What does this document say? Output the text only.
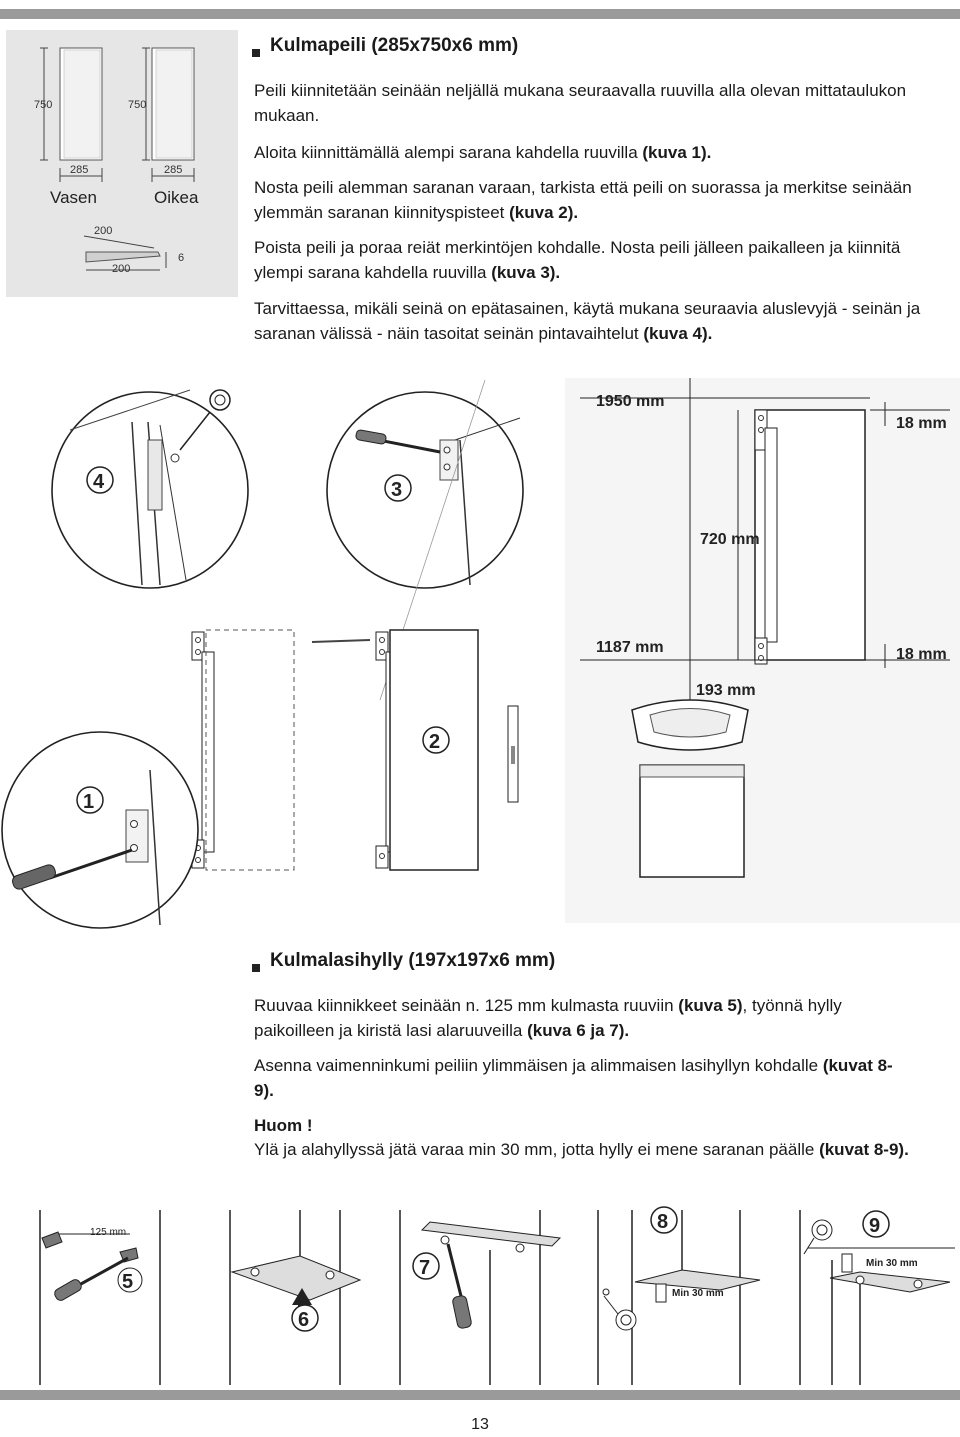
750	750
285	285
Vasen	Oikea
200
200
6
Kulmapeili (285x750x6 mm)
Peili kiinnitetään seinään neljällä mukana seuraavalla ruuvilla alla olevan mittataulukon mukaan.
Aloita kiinnittämällä alempi sarana kahdella ruuvilla (kuva 1).
Nosta peili alemman saranan varaan, tarkista että peili on suorassa ja merkitse seinään ylemmän saranan kiinnityspisteet (kuva 2).
Poista peili ja poraa reiät merkintöjen kohdalle. Nosta peili jälleen paikalleen ja kiinnitä ylempi sarana kahdella ruuvilla (kuva 3).
Tarvittaessa, mikäli seinä on epätasainen, käytä mukana seuraavia aluslevyjä - seinän ja saranan välissä - näin tasoitat seinän pintavaihtelut (kuva 4).
4	3
1950 mm
18 mm
720 mm
1187 mm	18 mm
193 mm
2
1
Kulmalasihylly (197x197x6 mm)
Ruuvaa kiinnikkeet seinään n. 125 mm kulmasta ruuviin (kuva 5), työnnä hylly paikoilleen ja kiristä lasi alaruuveilla (kuva 6 ja 7).
Asenna vaimenninkumi peiliin ylimmäisen ja alimmaisen lasihyllyn kohdalle (kuvat 8-9).
Huom !
Ylä ja alahyllyssä jätä varaa min 30 mm, jotta hylly ei mene saranan päälle (kuvat 8-9).
125 mm
5
6
7
Min 30 mm
8
Min 30 mm
9
13
